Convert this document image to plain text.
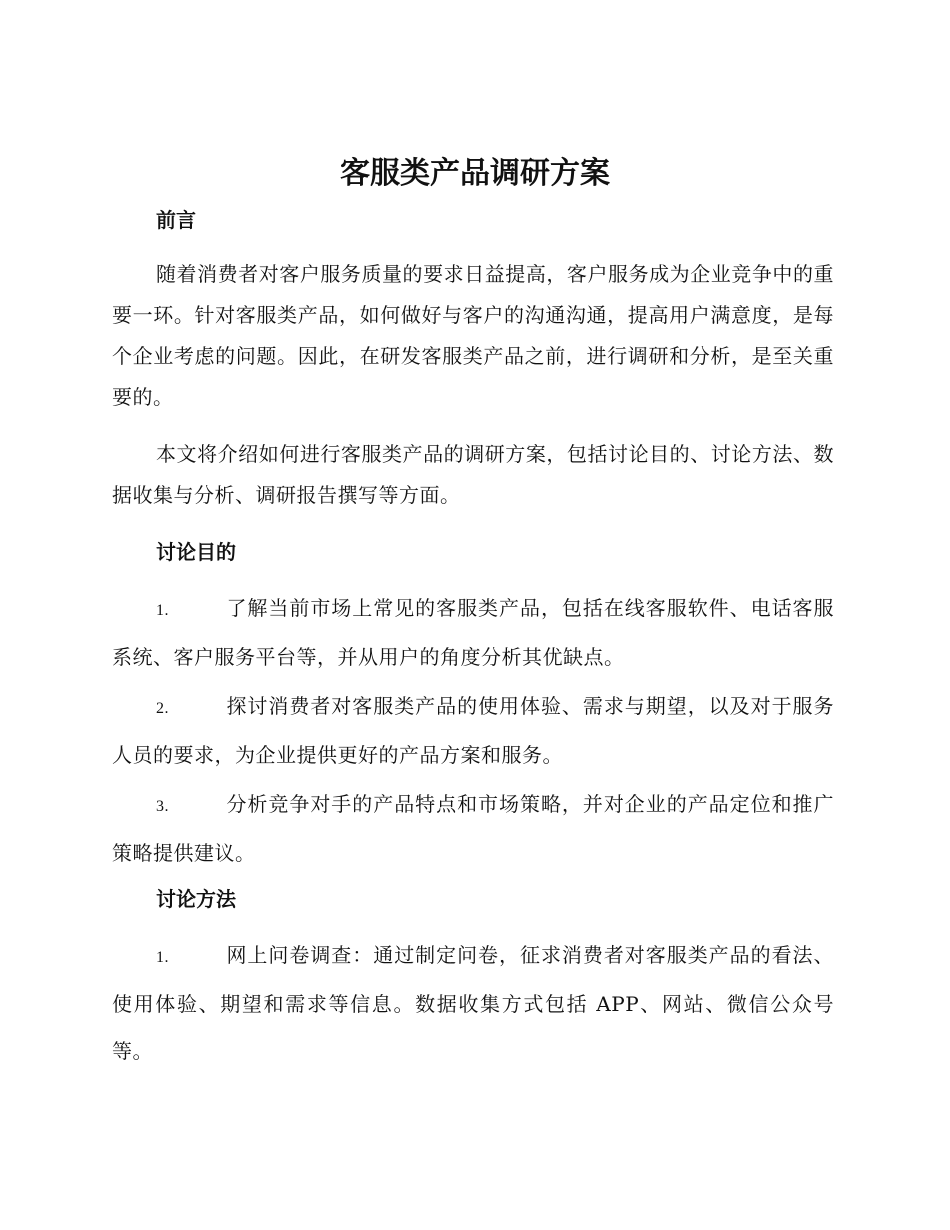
客服类产品调研方案
前言

随着消费者对客户服务质量的要求日益提高，客户服务成为企业竞争中的重要一环。针对客服类产品，如何做好与客户的沟通沟通，提高用户满意度，是每个企业考虑的问题。因此，在研发客服类产品之前，进行调研和分析，是至关重要的。

本文将介绍如何进行客服类产品的调研方案，包括讨论目的、讨论方法、数据收集与分析、调研报告撰写等方面。

讨论目的

1.	了解当前市场上常见的客服类产品，包括在线客服软件、电话客服系统、客户服务平台等，并从用户的角度分析其优缺点。

2.	探讨消费者对客服类产品的使用体验、需求与期望，以及对于服务人员的要求，为企业提供更好的产品方案和服务。

3.	分析竞争对手的产品特点和市场策略，并对企业的产品定位和推广策略提供建议。

讨论方法

1.	网上问卷调查：通过制定问卷，征求消费者对客服类产品的看法、使用体验、期望和需求等信息。数据收集方式包括 APP、网站、微信公众号等。
